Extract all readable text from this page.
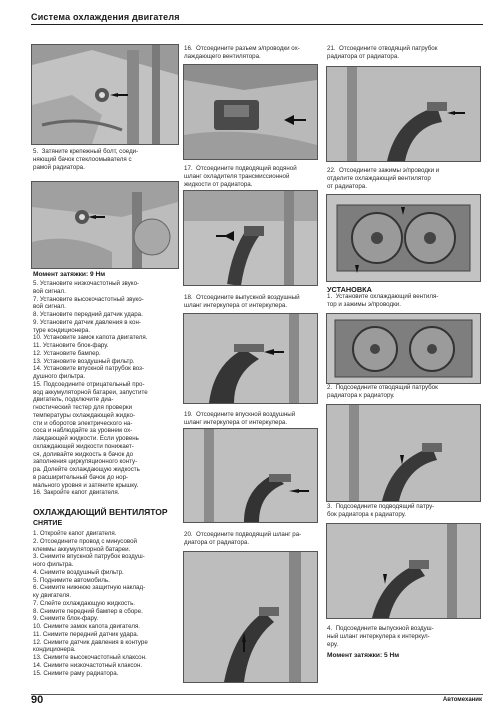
Система охлаждения двигателя
5.  Затяните крепежный болт, соеди-
няющий бачок стеклоомывателя с
рамой радиатора.
Момент затяжки: 9 Нм
5. Установите низкочастотный звуко-
вой сигнал.
7. Установите высокочастотный звуко-
вой сигнал.
8. Установите передний датчик удара.
9. Установите датчик давления в кон-
туре кондиционера.
10. Установите замок капота двигателя.
11. Установите блок-фару.
12. Установите бампер.
13. Установите воздушный фильтр.
14. Установите впускной патрубок воз-
душного фильтра.
15. Подсоедините отрицательный про-
вод аккумуляторной батареи, запустите
двигатель, подключите диа-
гностический тестер для проверки
температуры охлаждающей жидко-
сти и оборотов электрического на-
соса и наблюдайте за уровнем ох-
лаждающей жидкости. Если уровень
охлаждающей жидкости понижает-
ся, доливайте жидкость в бачок до
заполнения циркуляционного конту-
ра. Долейте охлаждающую жидкость
в расширительный бачок до нор-
мального уровня и затяните крышку.
16. Закройте капот двигателя.
ОХЛАЖДАЮЩИЙ ВЕНТИЛЯТОР
СНЯТИЕ
1. Откройте капот двигателя.
2. Отсоедините провод с минусовой
клеммы аккумуляторной батареи.
3. Снимите впускной патрубок воздуш-
ного фильтра.
4. Снимите воздушный фильтр.
5. Поднимите автомобиль.
6. Снимите нижнюю защитную наклад-
ку двигателя.
7. Слейте охлаждающую жидкость.
8. Снимите передний бампер в сборе.
9. Снимите блок-фару.
10. Снимите замок капота двигателя.
11. Снимите передний датчик удара.
12. Снимите датчик давления в контуре
кондиционера.
13. Снимите высокочастотный клаксон.
14. Снимите низкочастотный клаксон.
15. Снимите раму радиатора.
16.  Отсоедините разъем э/проводки ох-
лаждающего вентилятора.
17.  Отсоедините подводящий водяной
шланг охладителя трансмиссионной
жидкости от радиатора.
18.  Отсоедините выпускной воздушный
шланг интеркулера от интеркулера.
19.  Отсоедините впускной воздушный
шланг интеркулера от интеркулера.
20.  Отсоедините подводящий шланг ра-
диатора от радиатора.
21.  Отсоедините отводящий патрубок
радиатора от радиатора.
22.  Отсоедините зажимы э/проводки и
отделите охлаждающий вентилятор
от радиатора.
УСТАНОВКА
1.  Установите охлаждающий вентиля-
тор и зажимы э/проводки.
2.  Подсоедините отводящий патрубок
радиатора к радиатору.
3.  Подсоедините подводящий патру-
бок радиатора к радиатору.
4.  Подсоедините выпускной воздуш-
ный шланг интеркулера к интеркул-
еру.
Момент затяжки: 5 Нм
90	Автомеханик
